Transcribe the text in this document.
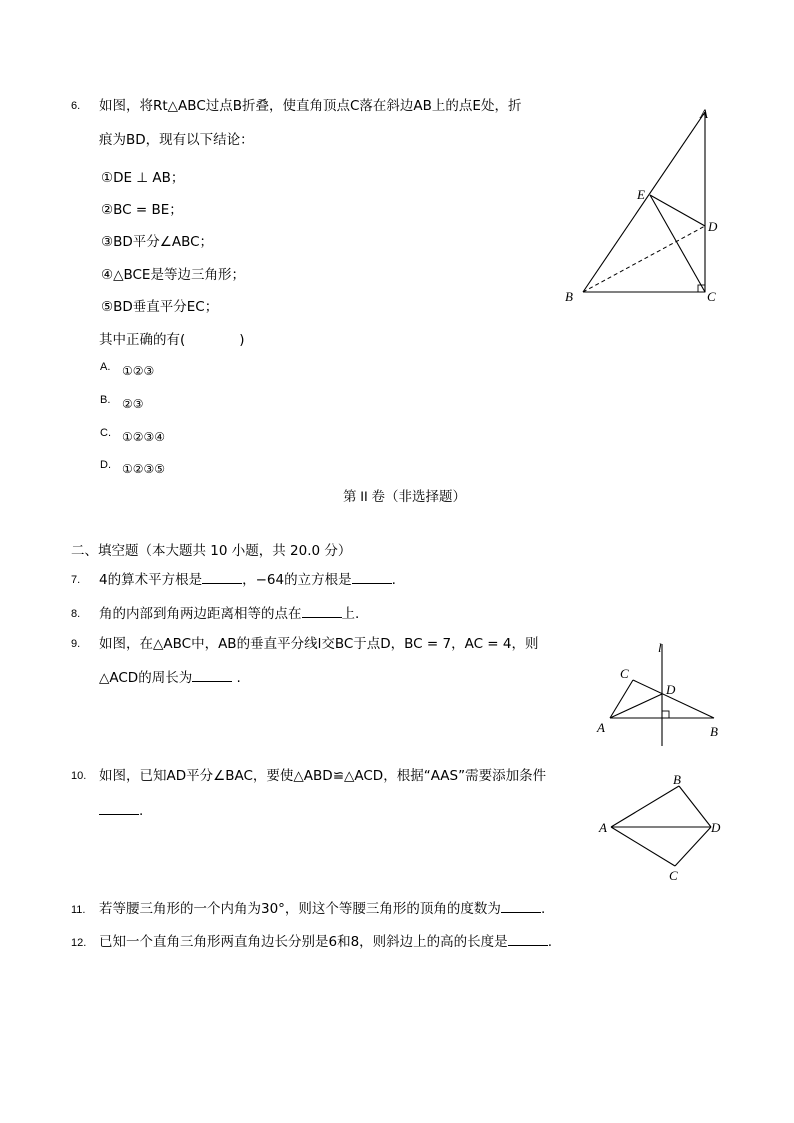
6. 如图，将Rt△ABC过点B折叠，使直角顶点C落在斜边AB上的点E处，折
痕为BD，现有以下结论：
①DE ⊥ AB；
②BC = BE；
③BD平分∠ABC；
④△BCE是等边三角形；
⑤BD垂直平分EC；
其中正确的有(　　　　)
A. ①②③
B. ②③
C. ①②③④
D. ①②③⑤
A
B	C
D
E
第 II 卷（非选择题）
二、填空题（本大题共 10 小题，共 20.0 分）
7. 4的算术平方根是	，−64的立方根是	.
8. 角的内部到角两边距离相等的点在	上.
9. 如图，在△ABC中，AB的垂直平分线l交BC于点D，BC = 7，AC = 4，则
△ACD的周长为	.
l
A	B
C
D
10. 如图，已知AD平分∠BAC，要使△ABD≌△ACD，根据“AAS”需要添加条件
.
A
B
C
D
11. 若等腰三角形的一个内角为30°，则这个等腰三角形的顶角的度数为	.
12. 已知一个直角三角形两直角边长分别是6和8，则斜边上的高的长度是	.
